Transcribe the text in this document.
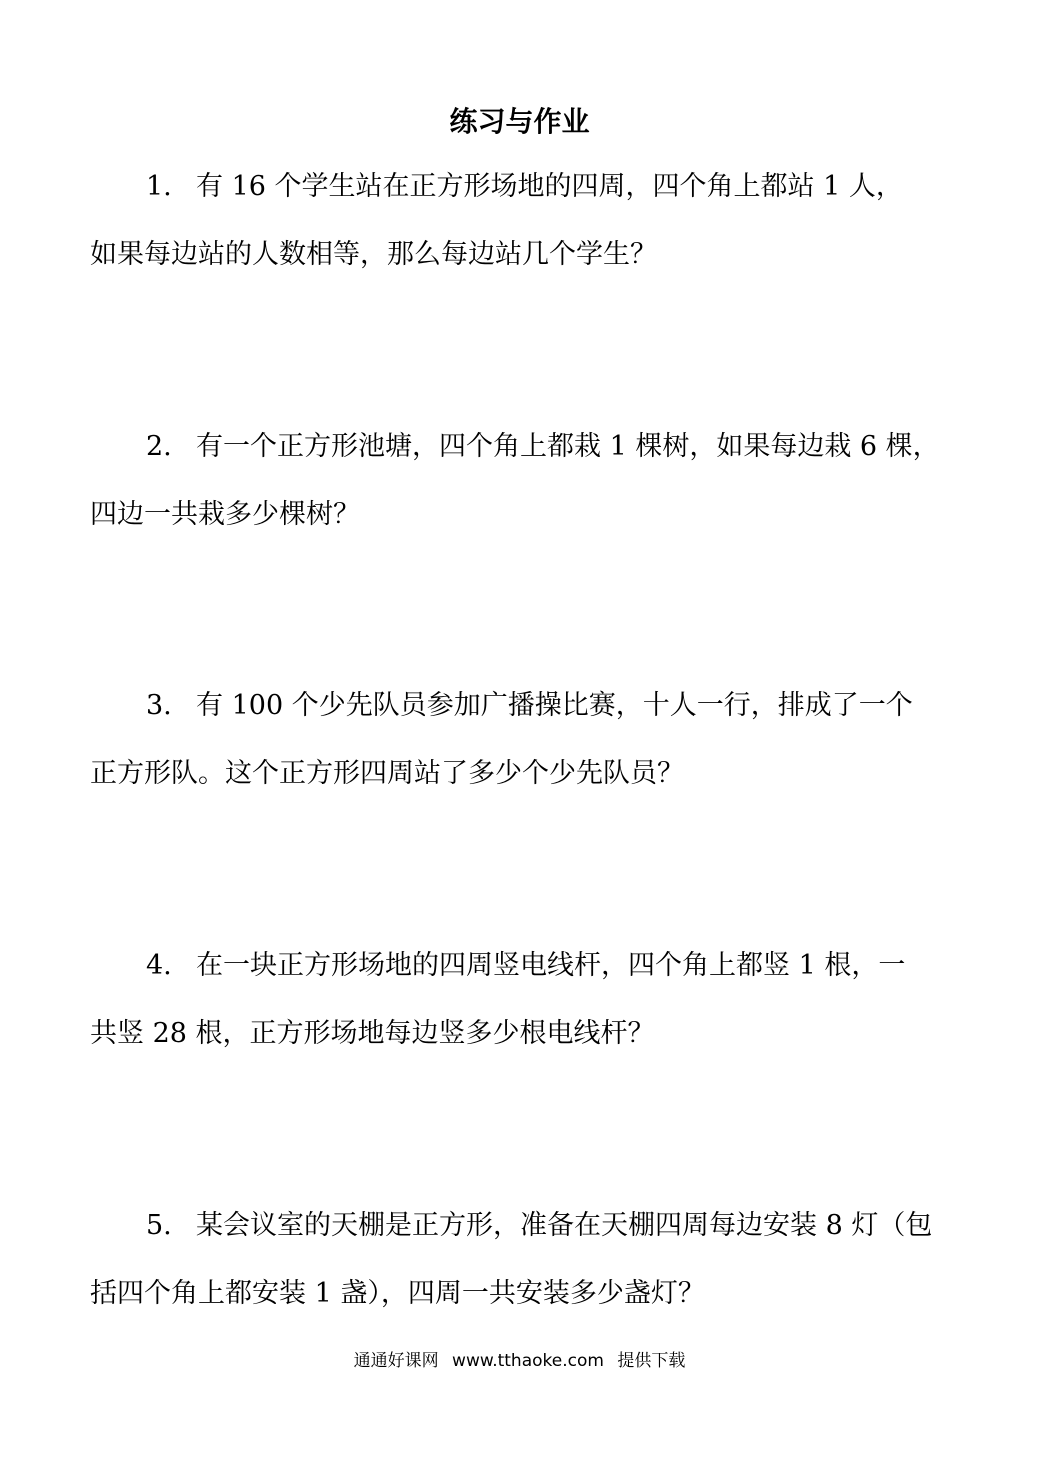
练习与作业
1. 有 16 个学生站在正方形场地的四周，四个角上都站 1 人，
如果每边站的人数相等，那么每边站几个学生？
2. 有一个正方形池塘，四个角上都栽 1 棵树，如果每边栽 6 棵，
四边一共栽多少棵树？
3. 有 100 个少先队员参加广播操比赛，十人一行，排成了一个
正方形队。这个正方形四周站了多少个少先队员？
4. 在一块正方形场地的四周竖电线杆，四个角上都竖 1 根，一
共竖 28 根，正方形场地每边竖多少根电线杆？
5. 某会议室的天棚是正方形，准备在天棚四周每边安装 8 灯（包
括四个角上都安装 1 盏），四周一共安装多少盏灯？
通通好课网 www.tthaoke.com 提供下载
